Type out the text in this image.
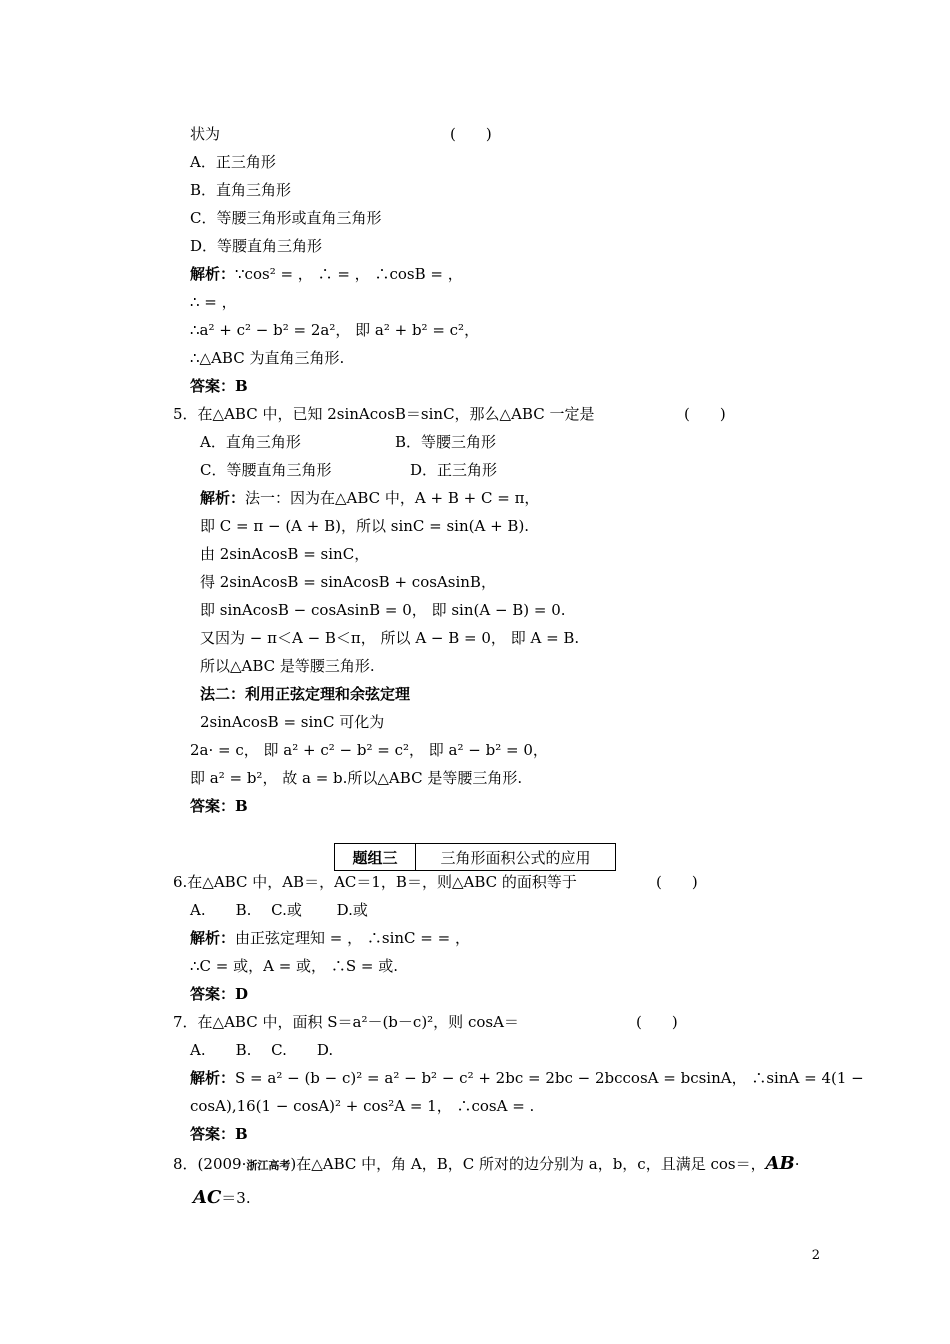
状为	(　　)
A．正三角形
B．直角三角形
C．等腰三角形或直角三角形
D．等腰直角三角形
解析：∵cos² = ， ∴ = ， ∴cosB = ，
∴ = ，
∴a² + c² − b² = 2a²， 即 a² + b² = c²，
∴△ABC 为直角三角形.
答案：B
5．在△ABC 中，已知 2sinAcosB＝sinC，那么△ABC 一定是	(　　)
A．直角三角形	B．等腰三角形
C．等腰直角三角形	D．正三角形
解析：法一：因为在△ABC 中，A + B + C = π，
即 C = π − (A + B)，所以 sinC = sin(A + B).
由 2sinAcosB = sinC，
得 2sinAcosB = sinAcosB + cosAsinB，
即 sinAcosB − cosAsinB = 0， 即 sin(A − B) = 0.
又因为 − π＜A − B＜π， 所以 A − B = 0， 即 A = B.
所以△ABC 是等腰三角形.
法二：利用正弦定理和余弦定理
2sinAcosB = sinC 可化为
2a· = c， 即 a² + c² − b² = c²， 即 a² − b² = 0，
即 a² = b²， 故 a = b.所以△ABC 是等腰三角形.
答案：B
题组三	三角形面积公式的应用
6.在△ABC 中，AB＝，AC＝1，B＝，则△ABC 的面积等于	(　　)
A.　　B.　 C.或　　 D.或
解析：由正弦定理知 = ， ∴sinC = = ，
∴C = 或，A = 或， ∴S = 或.
答案：D
7．在△ABC 中，面积 S＝a²－(b－c)²，则 cosA＝	(　　)
A.　　B.　 C.　　D.
解析：S = a² − (b − c)² = a² − b² − c² + 2bc = 2bc − 2bccosA = bcsinA， ∴sinA = 4(1 −
cosA),16(1 − cosA)² + cos²A = 1， ∴cosA = .
答案：B
8．(2009·浙江高考)在△ABC 中，角 A，B，C 所对的边分别为 a，b，c，且满足 cos＝，AB·
AC＝3.
2
